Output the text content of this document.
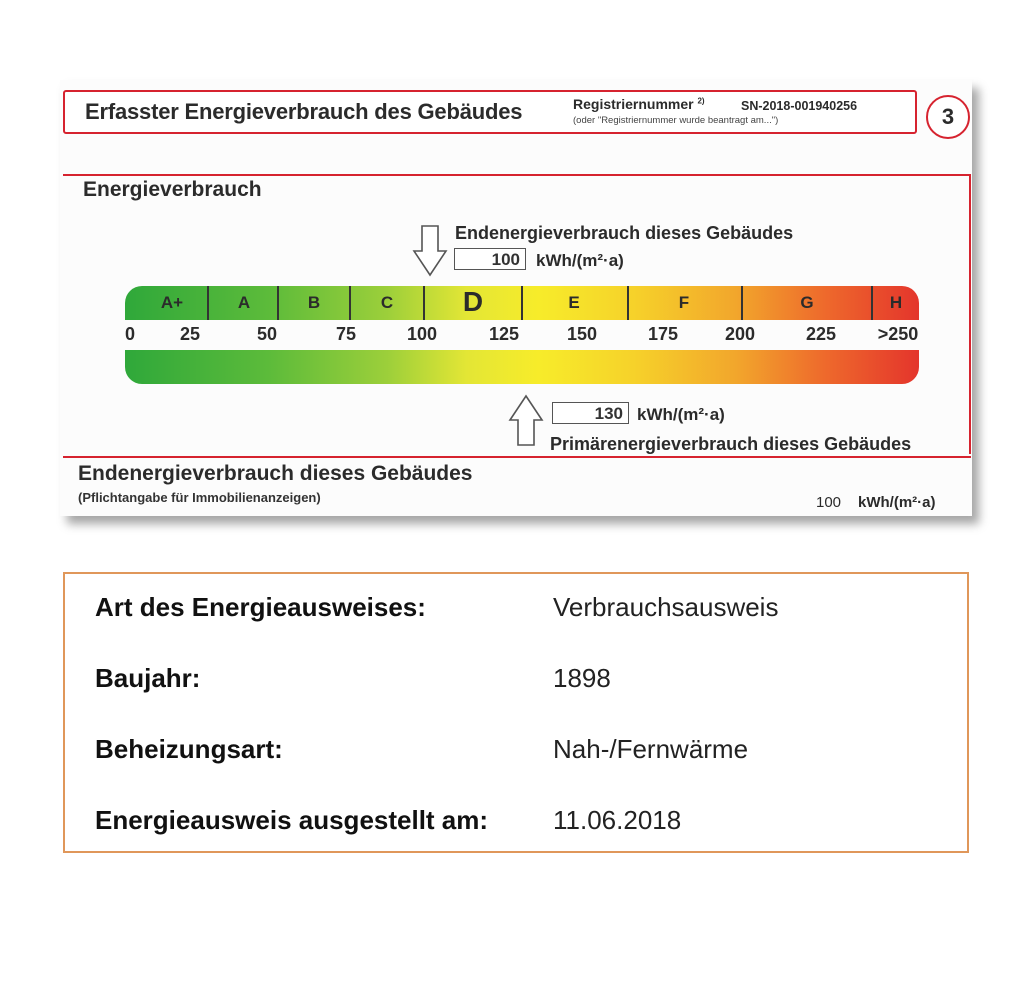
Erfasster Energieverbrauch des Gebäudes	Registriernummer $^{2)}$	SN-2018-001940256
(oder "Registriernummer wurde beantragt am...")	3
Energieverbrauch
Endenergieverbrauch dieses Gebäudes
100 kWh/(m²·a)
A+	A	B	C	D	E	F	G	H
0 25	50	75	100	125	150	175	200	225 >250
130 kWh/(m²·a)
Primärenergieverbrauch dieses Gebäudes
Endenergieverbrauch dieses Gebäudes
(Pflichtangabe für Immobilienanzeigen)	100 kWh/(m²·a)
Art des Energieausweises:	Verbrauchsausweis
Baujahr:	1898
Beheizungsart:	Nah-/Fernwärme
Energieausweis ausgestellt am: 11.06.2018
